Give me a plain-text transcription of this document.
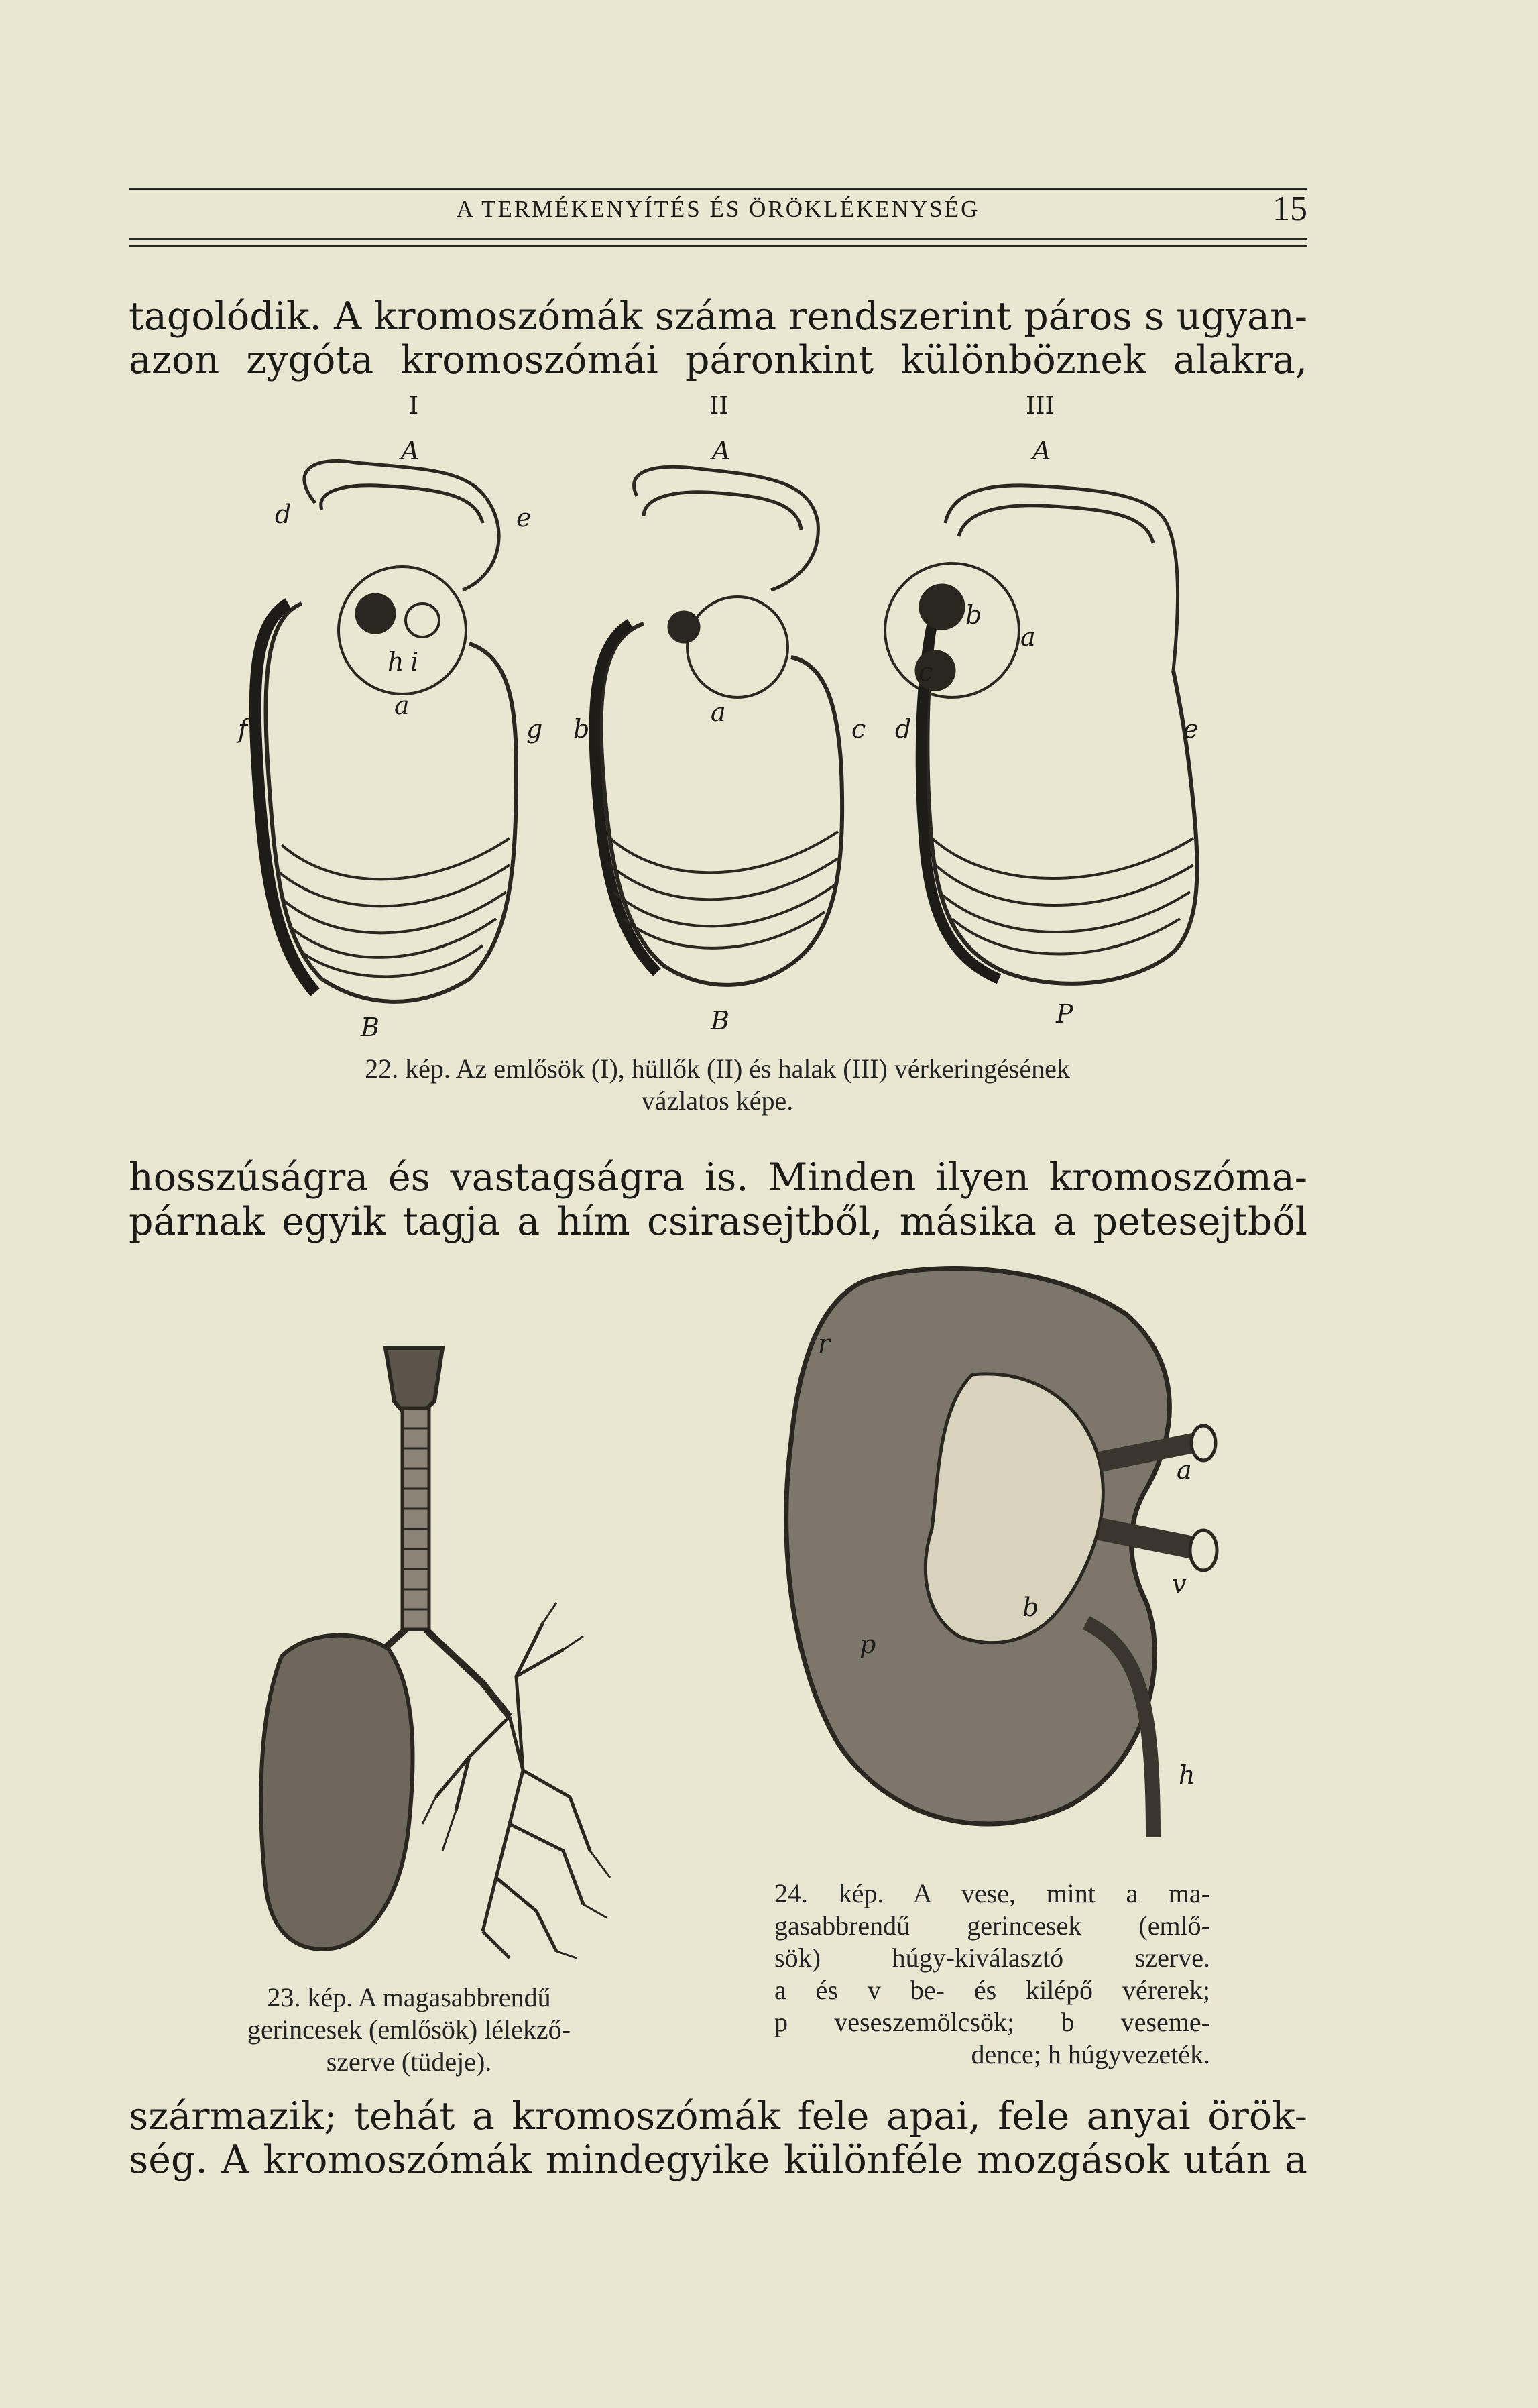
A TERMÉKENYÍTÉS ÉS ÖRÖKLÉKENYSÉG	15
tagolódik. A kromoszómák száma rendszerint páros s ugyan-
azon zygóta kromoszómái páronkint különböznek alakra,
I	II	III
A
d	e
f	g
a
h i
B
A
b	c
a
B
A
d	e
a
b
c
P
22. kép. Az emlősök (I), hüllők (II) és halak (III) vérkeringésének
vázlatos képe.
hosszúságra és vastagságra is. Minden ilyen kromoszóma-
párnak egyik tagja a hím csirasejtből, másika a petesejtből
r
a
v
p
b
h
23. kép. A magasabbrendű
gerincesek (emlősök) lélekző-
szerve (tüdeje).
24. kép. A vese, mint a ma-
gasabbrendű gerincesek (emlő-
sök) húgy-kiválasztó szerve.
a és v be- és kilépő vérerek;
p veseszemölcsök; b veseme-
dence; h húgyvezeték.
származik; tehát a kromoszómák fele apai, fele anyai örök-
ség. A kromoszómák mindegyike különféle mozgások után a
